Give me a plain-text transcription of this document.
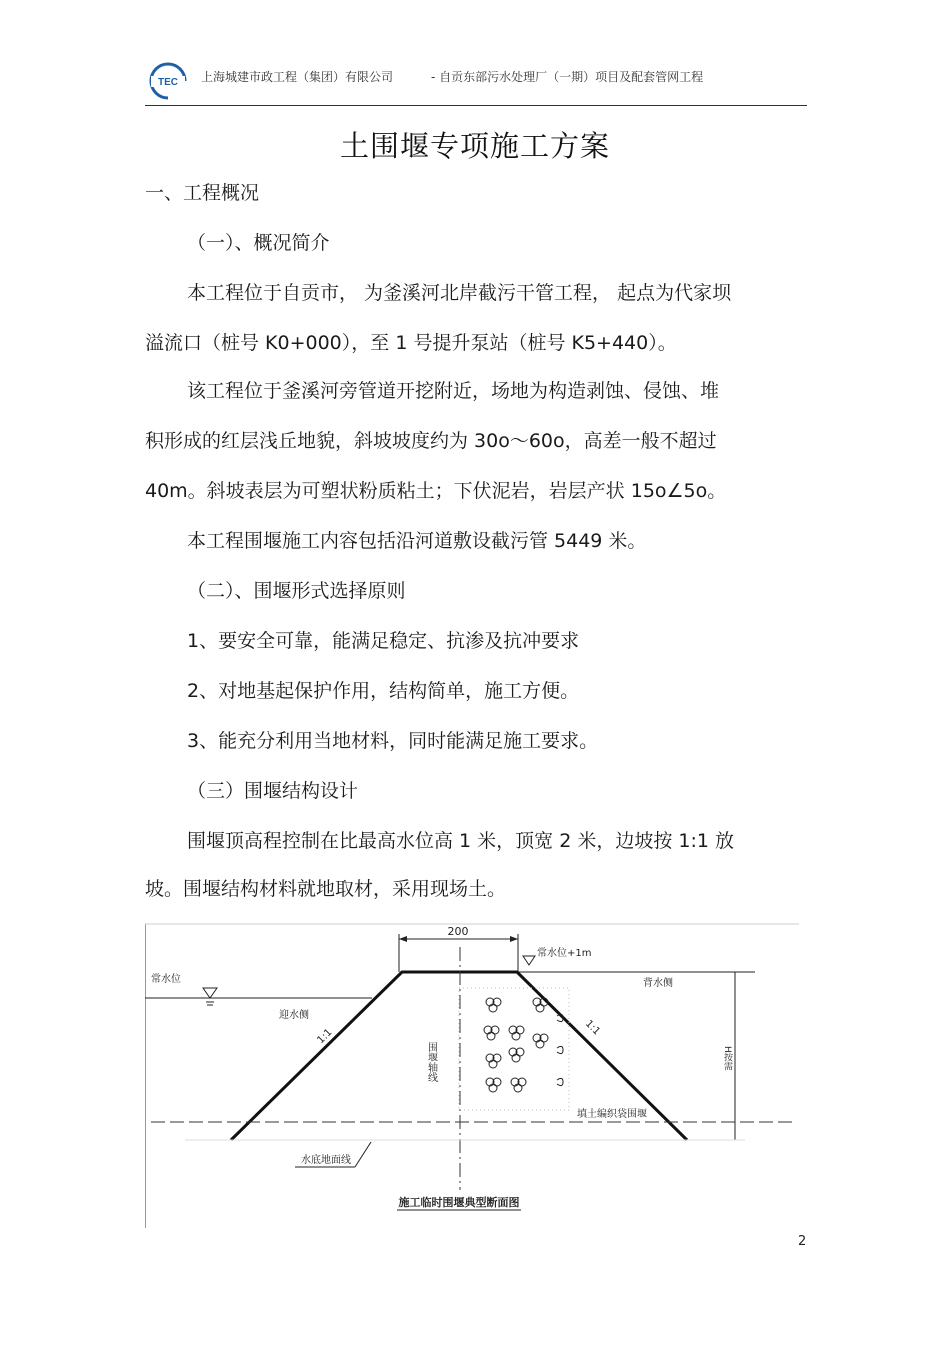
TEC 上海城建市政工程（集团）有限公司	- 自贡东部污水处理厂（一期）项目及配套管网工程
土围堰专项施工方案
一、工程概况
（一）、概况简介
本工程位于自贡市， 为釜溪河北岸截污干管工程， 起点为代家坝
溢流口（桩号 K0+000），至 1 号提升泵站（桩号 K5+440）。
该工程位于釜溪河旁管道开挖附近，场地为构造剥蚀、侵蚀、堆
积形成的红层浅丘地貌，斜坡坡度约为 30o～60o，高差一般不超过
40m。斜坡表层为可塑状粉质粘土；下伏泥岩，岩层产状 15o∠5o。
本工程围堰施工内容包括沿河道敷设截污管 5449 米。
（二）、围堰形式选择原则
1、要安全可靠，能满足稳定、抗渗及抗冲要求
2、对地基起保护作用，结构简单，施工方便。
3、能充分利用当地材料，同时能满足施工要求。
（三）围堰结构设计
围堰顶高程控制在比最高水位高 1 米，顶宽 2 米，边坡按 1:1 放
坡。围堰结构材料就地取材，采用现场土。
200
常水位+1m
常水位
迎水侧
背水侧
1:1	1:1
围堰轴线
填土编织袋围堰
H按需
水底地面线
施工临时围堰典型断面图
2
